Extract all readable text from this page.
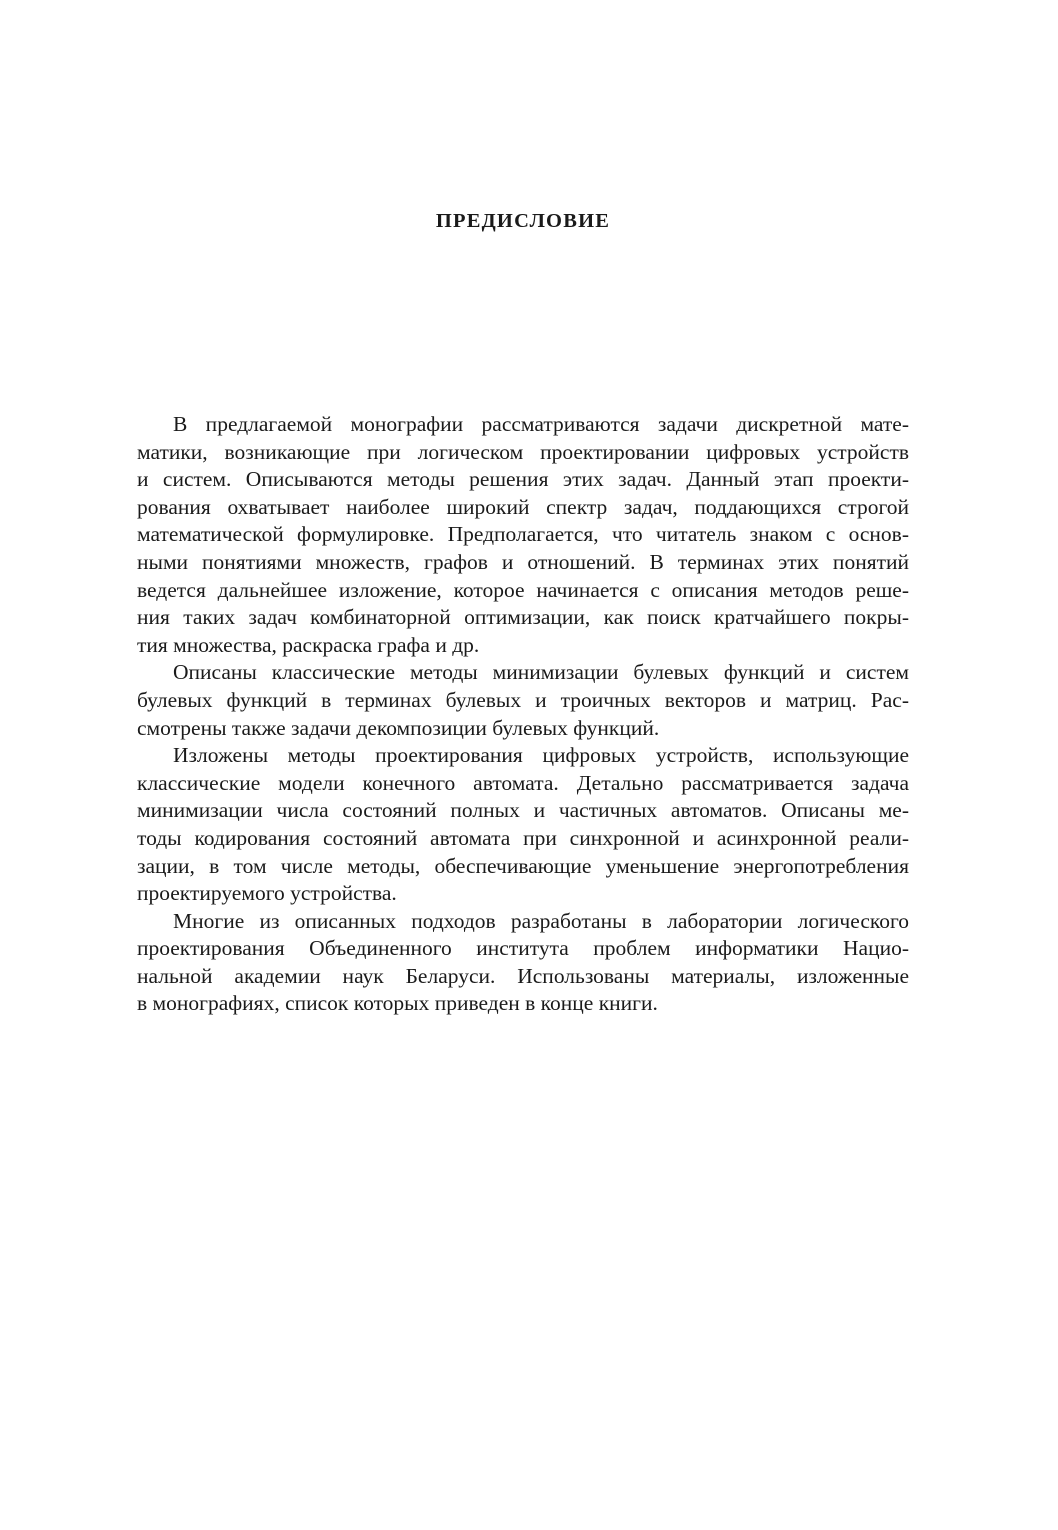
ПРЕДИСЛОВИЕ
В предлагаемой монографии рассматриваются задачи дискретной мате-
матики, возникающие при логическом проектировании цифровых устройств
и систем. Описываются методы решения этих задач. Данный этап проекти-
рования охватывает наиболее широкий спектр задач, поддающихся строгой
математической формулировке. Предполагается, что читатель знаком с основ-
ными понятиями множеств, графов и отношений. В терминах этих понятий
ведется дальнейшее изложение, которое начинается с описания методов реше-
ния таких задач комбинаторной оптимизации, как поиск кратчайшего покры-
тия множества, раскраска графа и др.
Описаны классические методы минимизации булевых функций и систем
булевых функций в терминах булевых и троичных векторов и матриц. Рас-
смотрены также задачи декомпозиции булевых функций.
Изложены методы проектирования цифровых устройств, использующие
классические модели конечного автомата. Детально рассматривается задача
минимизации числа состояний полных и частичных автоматов. Описаны ме-
тоды кодирования состояний автомата при синхронной и асинхронной реали-
зации, в том числе методы, обеспечивающие уменьшение энергопотребления
проектируемого устройства.
Многие из описанных подходов разработаны в лаборатории логического
проектирования Объединенного института проблем информатики Нацио-
нальной академии наук Беларуси. Использованы материалы, изложенные
в монографиях, список которых приведен в конце книги.
